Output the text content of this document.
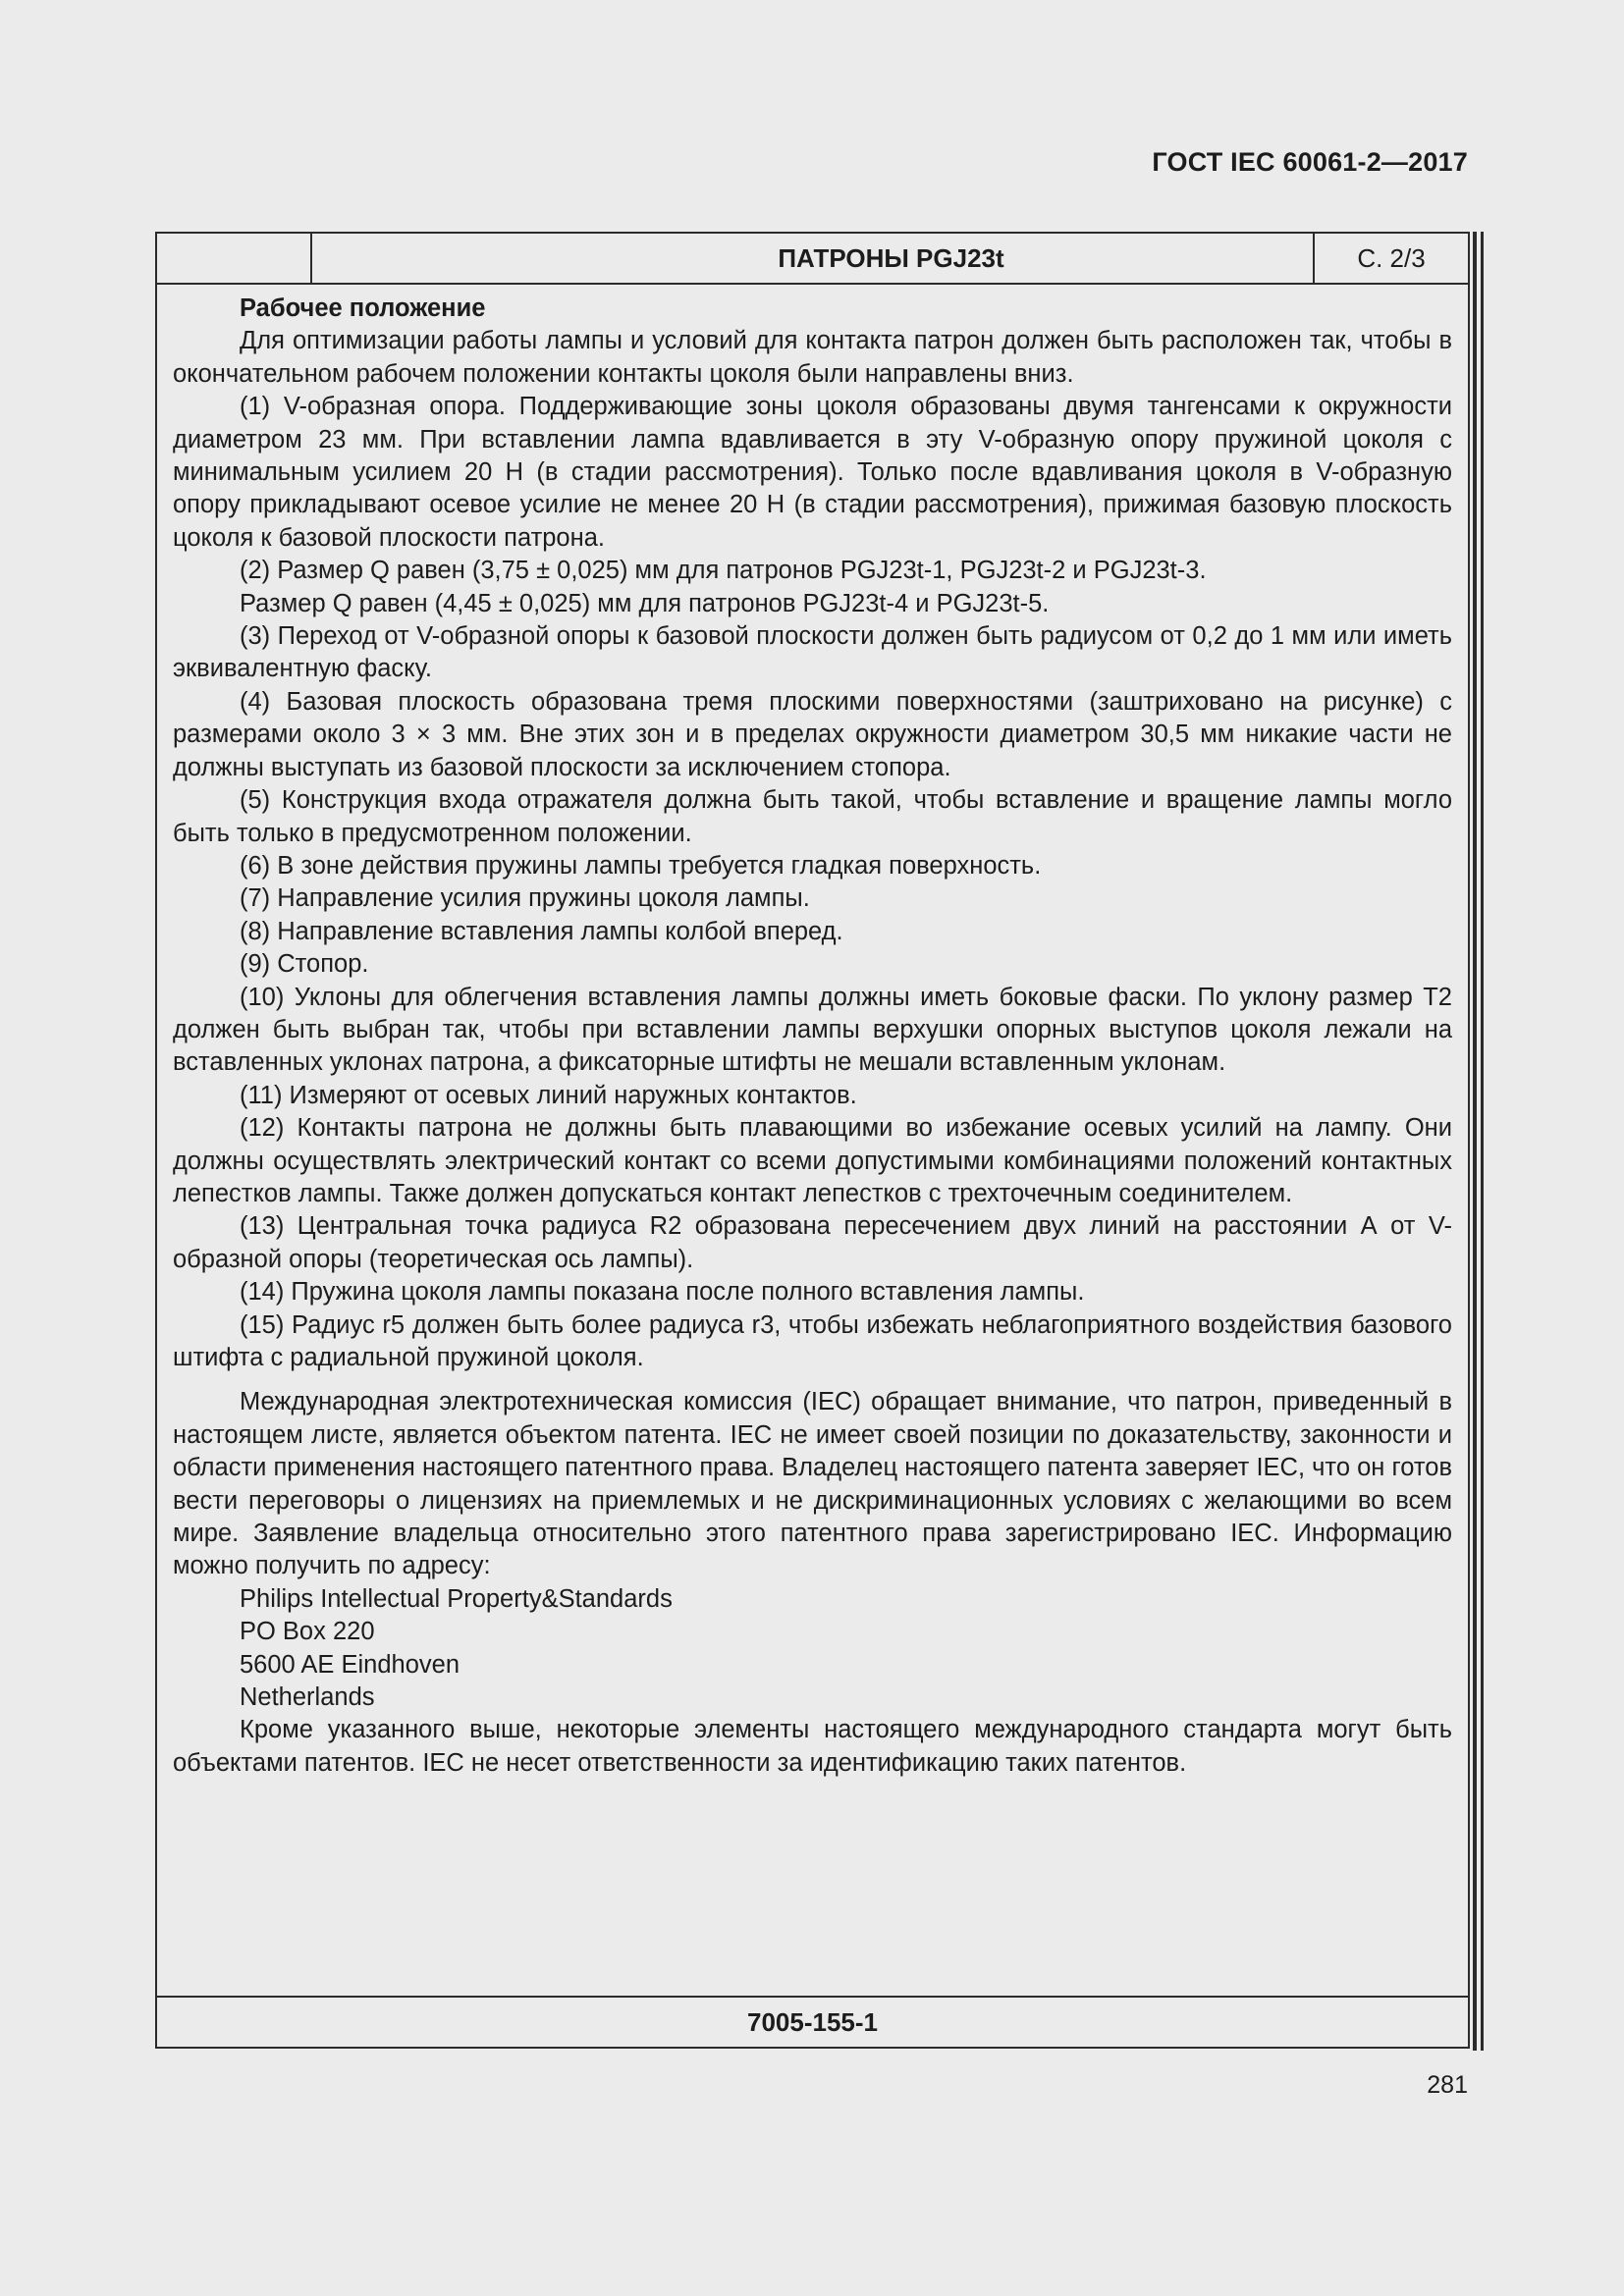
ГОСТ IEC 60061-2—2017
ПАТРОНЫ PGJ23t	С. 2/3

Рабочее положение

Для оптимизации работы лампы и условий для контакта патрон должен быть расположен так, чтобы в окончательном рабочем положении контакты цоколя были направлены вниз.

(1) V-образная опора. Поддерживающие зоны цоколя образованы двумя тангенсами к окружности диаметром 23 мм. При вставлении лампа вдавливается в эту V-образную опору пружиной цоколя с минимальным усилием 20 Н (в стадии рассмотрения). Только после вдавливания цоколя в V-образную опору прикладывают осевое усилие не менее 20 Н (в стадии рассмотрения), прижимая базовую плоскость цоколя к базовой плоскости патрона.

(2) Размер Q равен (3,75 ± 0,025) мм для патронов PGJ23t-1, PGJ23t-2 и PGJ23t-3.

Размер Q равен (4,45 ± 0,025) мм для патронов PGJ23t-4 и PGJ23t-5.

(3) Переход от V-образной опоры к базовой плоскости должен быть радиусом от 0,2 до 1 мм или иметь эквивалентную фаску.

(4) Базовая плоскость образована тремя плоскими поверхностями (заштриховано на рисунке) с размерами около 3 × 3 мм. Вне этих зон и в пределах окружности диаметром 30,5 мм никакие части не должны выступать из базовой плоскости за исключением стопора.

(5) Конструкция входа отражателя должна быть такой, чтобы вставление и вращение лампы могло быть только в предусмотренном положении.

(6) В зоне действия пружины лампы требуется гладкая поверхность.

(7) Направление усилия пружины цоколя лампы.

(8) Направление вставления лампы колбой вперед.

(9) Стопор.

(10) Уклоны для облегчения вставления лампы должны иметь боковые фаски. По уклону размер Т2 должен быть выбран так, чтобы при вставлении лампы верхушки опорных выступов цоколя лежали на вставленных уклонах патрона, а фиксаторные штифты не мешали вставленным уклонам.

(11) Измеряют от осевых линий наружных контактов.

(12) Контакты патрона не должны быть плавающими во избежание осевых усилий на лампу. Они должны осуществлять электрический контакт со всеми допустимыми комбинациями положений контактных лепестков лампы. Также должен допускаться контакт лепестков с трехточечным соединителем.

(13) Центральная точка радиуса R2 образована пересечением двух линий на расстоянии А от V-образной опоры (теоретическая ось лампы).

(14) Пружина цоколя лампы показана после полного вставления лампы.

(15) Радиус r5 должен быть более радиуса r3, чтобы избежать неблагоприятного воздействия базового штифта с радиальной пружиной цоколя.

Международная электротехническая комиссия (IEC) обращает внимание, что патрон, приведенный в настоящем листе, является объектом патента. IEC не имеет своей позиции по доказательству, законности и области применения настоящего патентного права. Владелец настоящего патента заверяет IEC, что он готов вести переговоры о лицензиях на приемлемых и не дискриминационных условиях с желающими во всем мире. Заявление владельца относительно этого патентного права зарегистрировано IEC. Информацию можно получить по адресу:

Philips Intellectual Property&Standards

PO Box 220

5600 AE Eindhoven

Netherlands

Кроме указанного выше, некоторые элементы настоящего международного стандарта могут быть объектами патентов. IEC не несет ответственности за идентификацию таких патентов.

7005-155-1
281
